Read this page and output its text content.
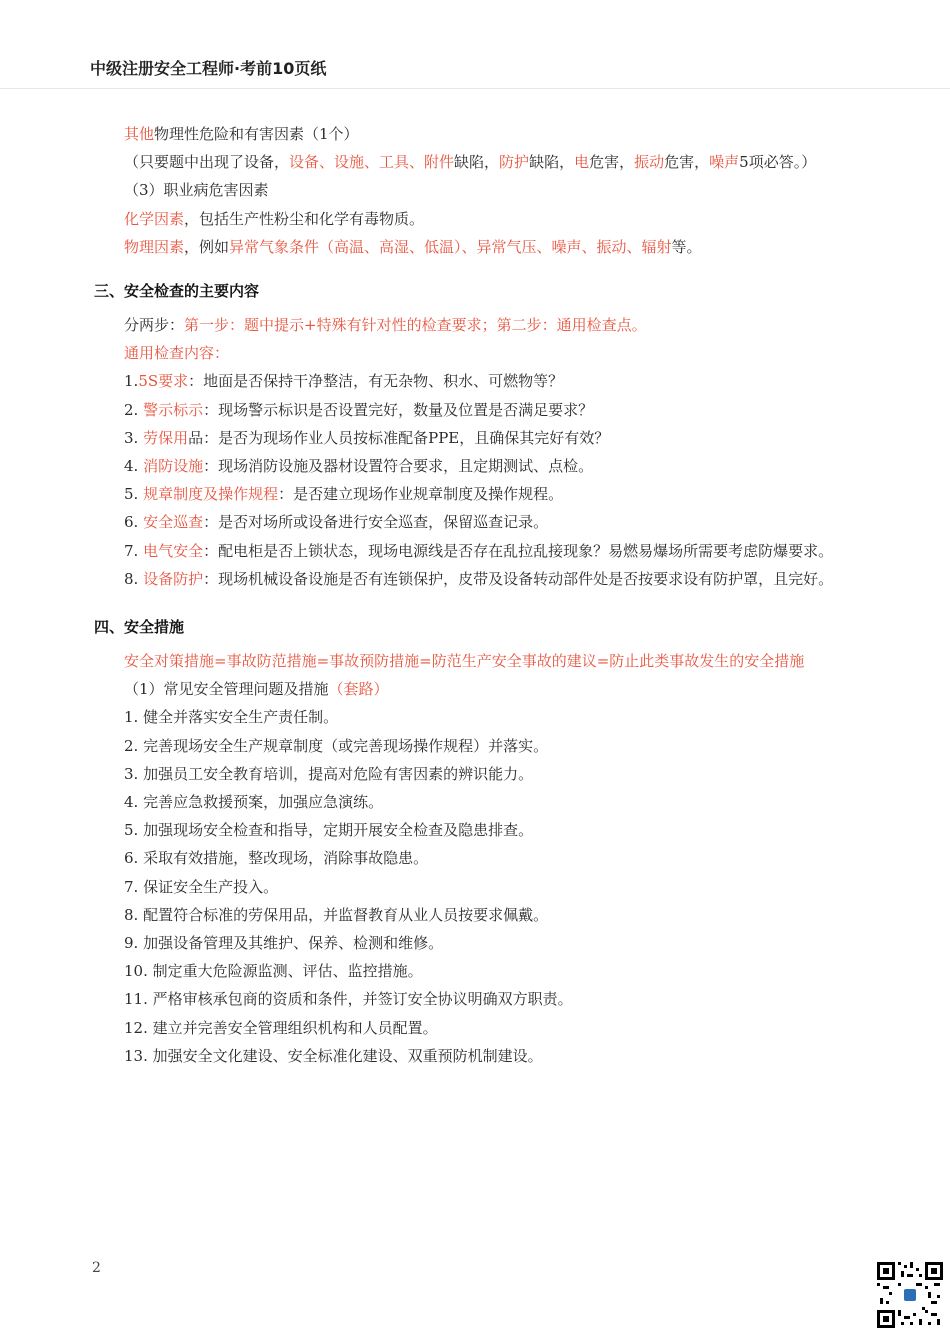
中级注册安全工程师·考前10页纸
其他物理性危险和有害因素（1个）
（只要题中出现了设备，设备、设施、工具、附件缺陷，防护缺陷，电危害，振动危害，噪声5项必答。）
（3）职业病危害因素
化学因素，包括生产性粉尘和化学有毒物质。
物理因素，例如异常气象条件（高温、高湿、低温）、异常气压、噪声、振动、辐射等。
三、安全检查的主要内容
分两步：第一步：题中提示+特殊有针对性的检查要求；第二步：通用检查点。
通用检查内容：
1.5S要求：地面是否保持干净整洁，有无杂物、积水、可燃物等？
2. 警示标示：现场警示标识是否设置完好，数量及位置是否满足要求？
3. 劳保用品：是否为现场作业人员按标准配备PPE，且确保其完好有效？
4. 消防设施：现场消防设施及器材设置符合要求，且定期测试、点检。
5. 规章制度及操作规程：是否建立现场作业规章制度及操作规程。
6. 安全巡查：是否对场所或设备进行安全巡查，保留巡查记录。
7. 电气安全：配电柜是否上锁状态，现场电源线是否存在乱拉乱接现象？易燃易爆场所需要考虑防爆要求。
8. 设备防护：现场机械设备设施是否有连锁保护，皮带及设备转动部件处是否按要求设有防护罩，且完好。
四、安全措施
安全对策措施=事故防范措施=事故预防措施=防范生产安全事故的建议=防止此类事故发生的安全措施
（1）常见安全管理问题及措施（套路）
1. 健全并落实安全生产责任制。
2. 完善现场安全生产规章制度（或完善现场操作规程）并落实。
3. 加强员工安全教育培训，提高对危险有害因素的辨识能力。
4. 完善应急救援预案，加强应急演练。
5. 加强现场安全检查和指导，定期开展安全检查及隐患排查。
6. 采取有效措施，整改现场，消除事故隐患。
7. 保证安全生产投入。
8. 配置符合标准的劳保用品，并监督教育从业人员按要求佩戴。
9. 加强设备管理及其维护、保养、检测和维修。
10. 制定重大危险源监测、评估、监控措施。
11. 严格审核承包商的资质和条件，并签订安全协议明确双方职责。
12. 建立并完善安全管理组织机构和人员配置。
13. 加强安全文化建设、安全标准化建设、双重预防机制建设。
2
